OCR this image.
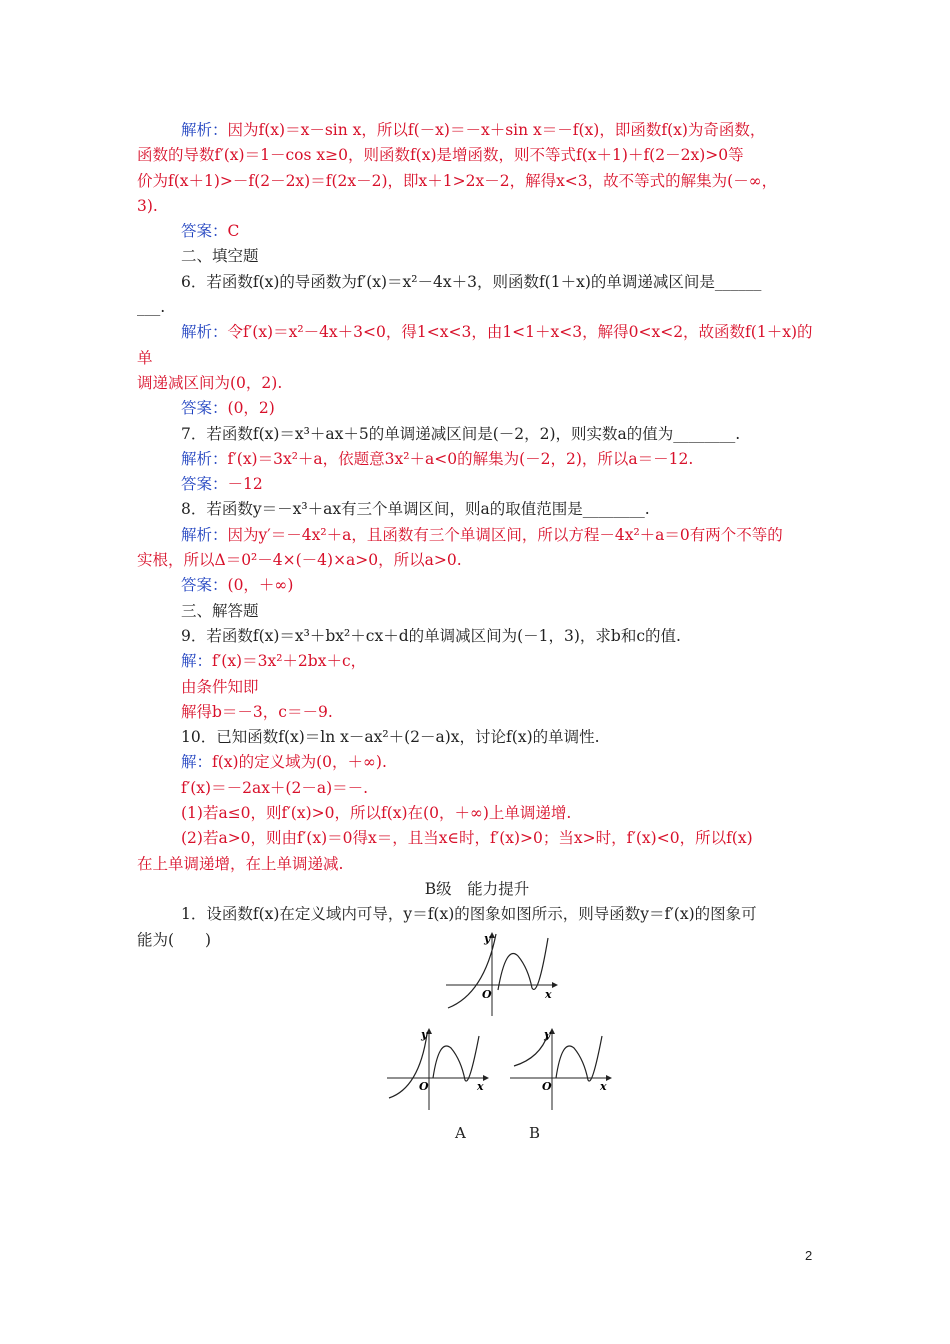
解析：因为f(x)＝x－sin x，所以f(－x)＝－x＋sin x＝－f(x)，即函数f(x)为奇函数，

函数的导数f′(x)＝1－cos x≥0，则函数f(x)是增函数，则不等式f(x＋1)＋f(2－2x)>0等

价为f(x＋1)>－f(2－2x)＝f(2x－2)，即x＋1>2x－2，解得x<3，故不等式的解集为(－∞，

3).

答案：C

二、填空题

6．若函数f(x)的导函数为f′(x)＝x²－4x＋3，则函数f(1＋x)的单调递减区间是______

___.

解析：令f′(x)＝x²－4x＋3<0，得1<x<3，由1<1＋x<3，解得0<x<2，故函数f(1＋x)的单

调递减区间为(0，2).

答案：(0，2)

7．若函数f(x)＝x³＋ax＋5的单调递减区间是(－2，2)，则实数a的值为________.

解析：f′(x)＝3x²＋a，依题意3x²＋a<0的解集为(－2，2)，所以a＝－12.

答案：－12

8．若函数y＝－x³＋ax有三个单调区间，则a的取值范围是________.

解析：因为y′＝－4x²＋a，且函数有三个单调区间，所以方程－4x²＋a＝0有两个不等的

实根，所以Δ＝0²－4×(－4)×a>0，所以a>0.

答案：(0，＋∞)

三、解答题

9．若函数f(x)＝x³＋bx²＋cx＋d的单调减区间为(－1，3)，求b和c的值.

解：f′(x)＝3x²＋2bx＋c，

由条件知即

解得b＝－3，c＝－9.

10．已知函数f(x)＝ln x－ax²＋(2－a)x，讨论f(x)的单调性.

解：f(x)的定义域为(0，＋∞).

f′(x)＝－2ax＋(2－a)＝－.

(1)若a≤0，则f′(x)>0，所以f(x)在(0，＋∞)上单调递增.

(2)若a>0，则由f′(x)＝0得x＝，且当x∈时，f′(x)>0；当x>时，f′(x)<0，所以f(x)

在上单调递增，在上单调递减.

B级　能力提升

1．设函数f(x)在定义域内可导，y＝f(x)的图象如图所示，则导函数y＝f′(x)的图象可

能为(　　)	y
O	x
y
O	x
y
O	x
A	B
2
